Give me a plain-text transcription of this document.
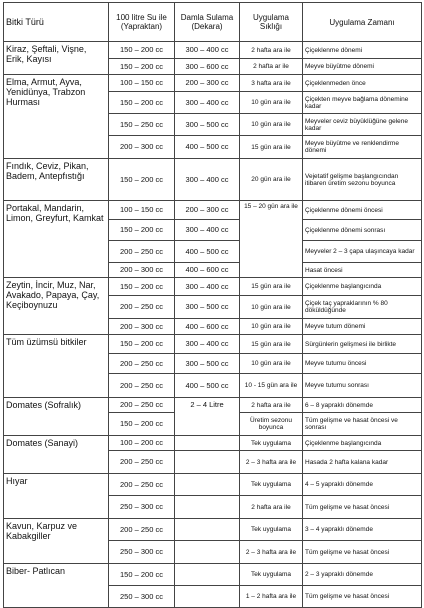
Bitki Türü	100 litre Su ile (Yapraktan)	Damla Sulama (Dekara)	Uygulama Sıklığı	Uygulama Zamanı
Kiraz, Şeftali, Vişne, Erik, Kayısı	150 – 200 cc	300 – 400 cc	2 hafta ara ile	Çiçeklenme dönemi
	150 – 200 cc	300 – 600 cc	2 hafta ar ile	Meyve büyütme dönemi
Elma, Armut, Ayva, Yenidünya, Trabzon Hurması	100 – 150 cc	200 – 300 cc	3 hafta ara ile	Çiçeklenmeden önce
	150 – 200 cc	300 – 400 cc	10 gün ara ile	Çiçekten meyve bağlama dönemine kadar
	150 – 250 cc	300 – 500 cc	10 gün ara ile	Meyveler ceviz büyüklüğüne gelene kadar
	200 – 300 cc	400 – 500 cc	15 gün ara ile	Meyve büyütme ve renklendirme dönemi
Fındık, Ceviz, Pikan, Badem, Antepfıstığı	150 – 200 cc	300 – 400 cc	20 gün ara ile	Vejetatif gelişme başlangıcından itibaren üretim sezonu boyunca
Portakal, Mandarin, Limon, Greyfurt, Kamkat	100 – 150 cc	200 – 300 cc	15 – 20 gün ara ile	Çiçeklenme dönemi öncesi
	150 – 200 cc	300 – 400 cc		Çiçeklenme dönemi sonrası
	200 – 250 cc	400 – 500 cc		Meyveler 2 – 3 çapa ulaşıncaya kadar
	200 – 300 cc	400 – 600 cc		Hasat öncesi
Zeytin, İncir, Muz, Nar, Avakado, Papaya, Çay, Keçiboynuzu	150 – 200 cc	300 – 400 cc	15 gün ara ile	Çiçeklenme başlangıcında
	200 – 250 cc	300 – 500 cc	10 gün ara ile	Çiçek taç yapraklarının % 80 döküldüğünde
	200 – 300 cc	400 – 600 cc	10 gün ara ile	Meyve tutum dönemi
Tüm üzümsü bitkiler	150 – 200 cc	300 – 400 cc	15 gün ara ile	Sürgünlerin gelişmesi ile birlikte
	200 – 250 cc	300 – 500 cc	10 gün ara ile	Meyve tutumu öncesi
	200 – 250 cc	400 – 500 cc	10 - 15 gün ara ile	Meyve tutumu sonrası
Domates (Sofralık)	200 – 250 cc	2 – 4 Litre	2 hafta ara ile	6 – 8 yapraklı dönemde
	150 – 200 cc		Üretim sezonu boyunca	Tüm gelişme ve hasat öncesi ve sonrası
Domates (Sanayi)	100 – 200 cc		Tek uygulama	Çiçeklenme başlangıcında
	200 – 250 cc		2 – 3 hafta ara ile	Hasada 2 hafta kalana kadar
Hıyar	200 – 250 cc		Tek uygulama	4 – 5 yapraklı dönemde
	250 – 300 cc		2 hafta ara ile	Tüm gelişme ve hasat öncesi
Kavun, Karpuz ve Kabakgiller	200 – 250 cc		Tek uygulama	3 – 4 yapraklı dönemde
	250 – 300 cc		2 – 3 hafta ara ile	Tüm gelişme ve hasat öncesi
Biber- Patlıcan	150 – 200 cc		Tek uygulama	2 – 3 yapraklı dönemde
	250 – 300 cc		1 – 2 hafta ara ile	Tüm gelişme ve hasat öncesi
